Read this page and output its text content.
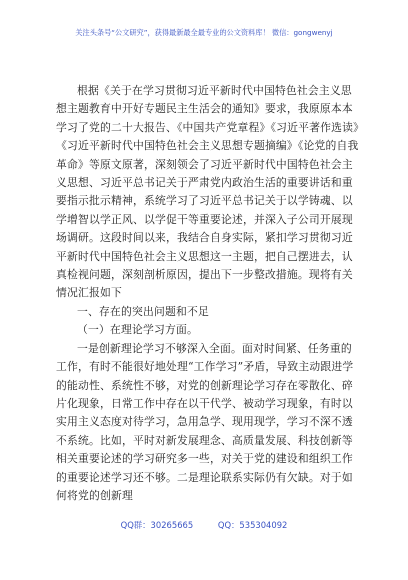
关注头条号“公文研究”，获得最新最全最专业的公文资料库！ 微信：gongwenyj

根据《关于在学习贯彻习近平新时代中国特色社会主义思想主题教育中开好专题民主生活会的通知》要求，我原原本本学习了党的二十大报告、《中国共产党章程》《习近平著作选读》《习近平新时代中国特色社会主义思想专题摘编》《论党的自我革命》等原文原著，深刻领会了习近平新时代中国特色社会主义思想、习近平总书记关于严肃党内政治生活的重要讲话和重要指示批示精神，系统学习了习近平总书记关于以学铸魂、以学增智以学正风、以学促干等重要论述，并深入子公司开展现场调研。这段时间以来，我结合自身实际，紧扣学习贯彻习近平新时代中国特色社会主义思想这一主题，把自己摆进去，认真检视问题，深刻剖析原因，提出下一步整改措施。现将有关情况汇报如下

一、存在的突出问题和不足

（一）在理论学习方面。

一是创新理论学习不够深入全面。面对时间紧、任务重的工作，有时不能很好地处理“工作学习”矛盾，导致主动跟进学的能动性、系统性不够，对党的创新理论学习存在零散化、碎片化现象，日常工作中存在以干代学、被动学习现象，有时以实用主义态度对待学习，急用急学、现用现学，学习不深不透不系统。比如，平时对新发展理念、高质量发展、科技创新等相关重要论述的学习研究多一些，对关于党的建设和组织工作的重要论述学习还不够。二是理论联系实际仍有欠缺。对于如何将党的创新理

QQ群：30265665	QQ：535304092
